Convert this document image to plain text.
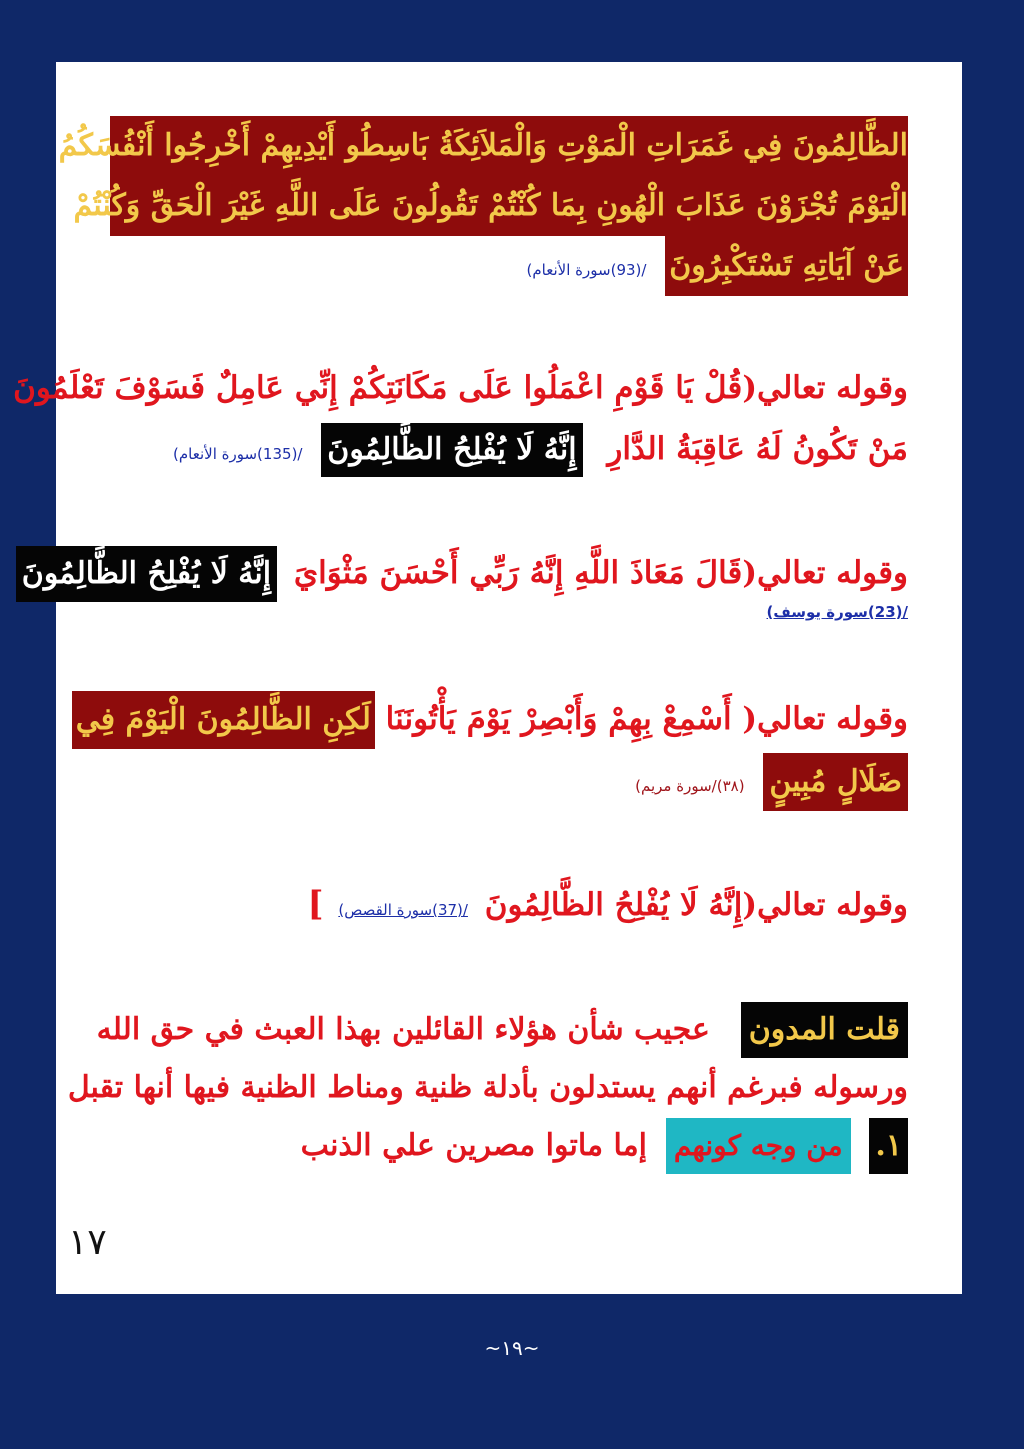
الظَّالِمُونَ فِي غَمَرَاتِ الْمَوْتِ وَالْمَلاَئِكَةُ بَاسِطُو أَيْدِيهِمْ أَخْرِجُوا أَنْفُسَكُمُ
الْيَوْمَ تُجْزَوْنَ عَذَابَ الْهُونِ بِمَا كُنْتُمْ تَقُولُونَ عَلَى اللَّهِ غَيْرَ الْحَقِّ وَكُنْتُمْ
عَنْ آيَاتِهِ تَسْتَكْبِرُونَ /(93)سورة الأنعام)
وقوله تعالي(قُلْ يَا قَوْمِ اعْمَلُوا عَلَى مَكَانَتِكُمْ إِنِّي عَامِلٌ فَسَوْفَ تَعْلَمُونَ
مَنْ تَكُونُ لَهُ عَاقِبَةُ الدَّارِ إِنَّهُ لَا يُفْلِحُ الظَّالِمُونَ /(135)سورة الأنعام)
وقوله تعالي(قَالَ مَعَاذَ اللَّهِ إِنَّهُ رَبِّي أَحْسَنَ مَثْوَايَ إِنَّهُ لَا يُفْلِحُ الظَّالِمُونَ
/(23)سورة يوسف)
وقوله تعالي( أَسْمِعْ بِهِمْ وَأَبْصِرْ يَوْمَ يَأْتُونَنَا لَكِنِ الظَّالِمُونَ الْيَوْمَ فِي
ضَلَالٍ مُبِينٍ (٣٨)/سورة مريم)
وقوله تعالي(إِنَّهُ لَا يُفْلِحُ الظَّالِمُونَ /(37)سورة القصص) ]
قلت المدون عجيب شأن هؤلاء القائلين بهذا العبث في حق الله
ورسوله فبرغم أنهم يستدلون بأدلة ظنية ومناط الظنية فيها أنها تقبل
١. من وجه كونهم إما ماتوا مصرين علي الذنب
١٧
~١٩~
